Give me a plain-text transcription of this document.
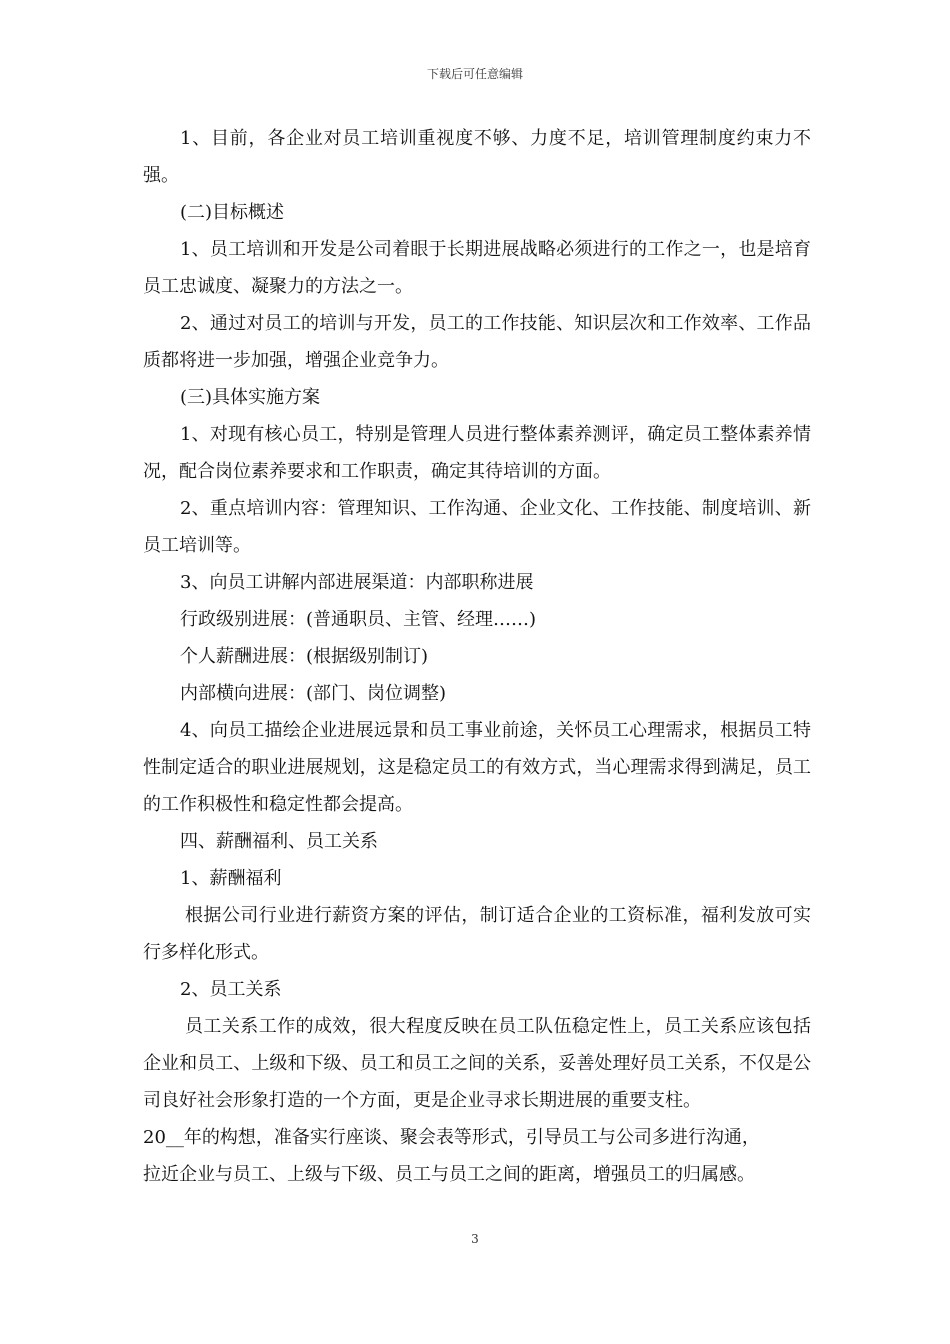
下载后可任意编辑

1、目前，各企业对员工培训重视度不够、力度不足，培训管理制度约束力不强。

(二)目标概述

1、员工培训和开发是公司着眼于长期进展战略必须进行的工作之一，也是培育员工忠诚度、凝聚力的方法之一。

2、通过对员工的培训与开发，员工的工作技能、知识层次和工作效率、工作品质都将进一步加强，增强企业竞争力。

(三)具体实施方案

1、对现有核心员工，特别是管理人员进行整体素养测评，确定员工整体素养情况，配合岗位素养要求和工作职责，确定其待培训的方面。

2、重点培训内容：管理知识、工作沟通、企业文化、工作技能、制度培训、新员工培训等。

3、向员工讲解内部进展渠道：内部职称进展

行政级别进展：(普通职员、主管、经理……)

个人薪酬进展：(根据级别制订)

内部横向进展：(部门、岗位调整)

4、向员工描绘企业进展远景和员工事业前途，关怀员工心理需求，根据员工特性制定适合的职业进展规划，这是稳定员工的有效方式，当心理需求得到满足，员工的工作积极性和稳定性都会提高。

四、薪酬福利、员工关系

1、薪酬福利

根据公司行业进行薪资方案的评估，制订适合企业的工资标准，福利发放可实行多样化形式。

2、员工关系

员工关系工作的成效，很大程度反映在员工队伍稳定性上，员工关系应该包括企业和员工、上级和下级、员工和员工之间的关系，妥善处理好员工关系，不仅是公司良好社会形象打造的一个方面，更是企业寻求长期进展的重要支柱。

20__年的构想，准备实行座谈、聚会表等形式，引导员工与公司多进行沟通，

拉近企业与员工、上级与下级、员工与员工之间的距离，增强员工的归属感。

3
